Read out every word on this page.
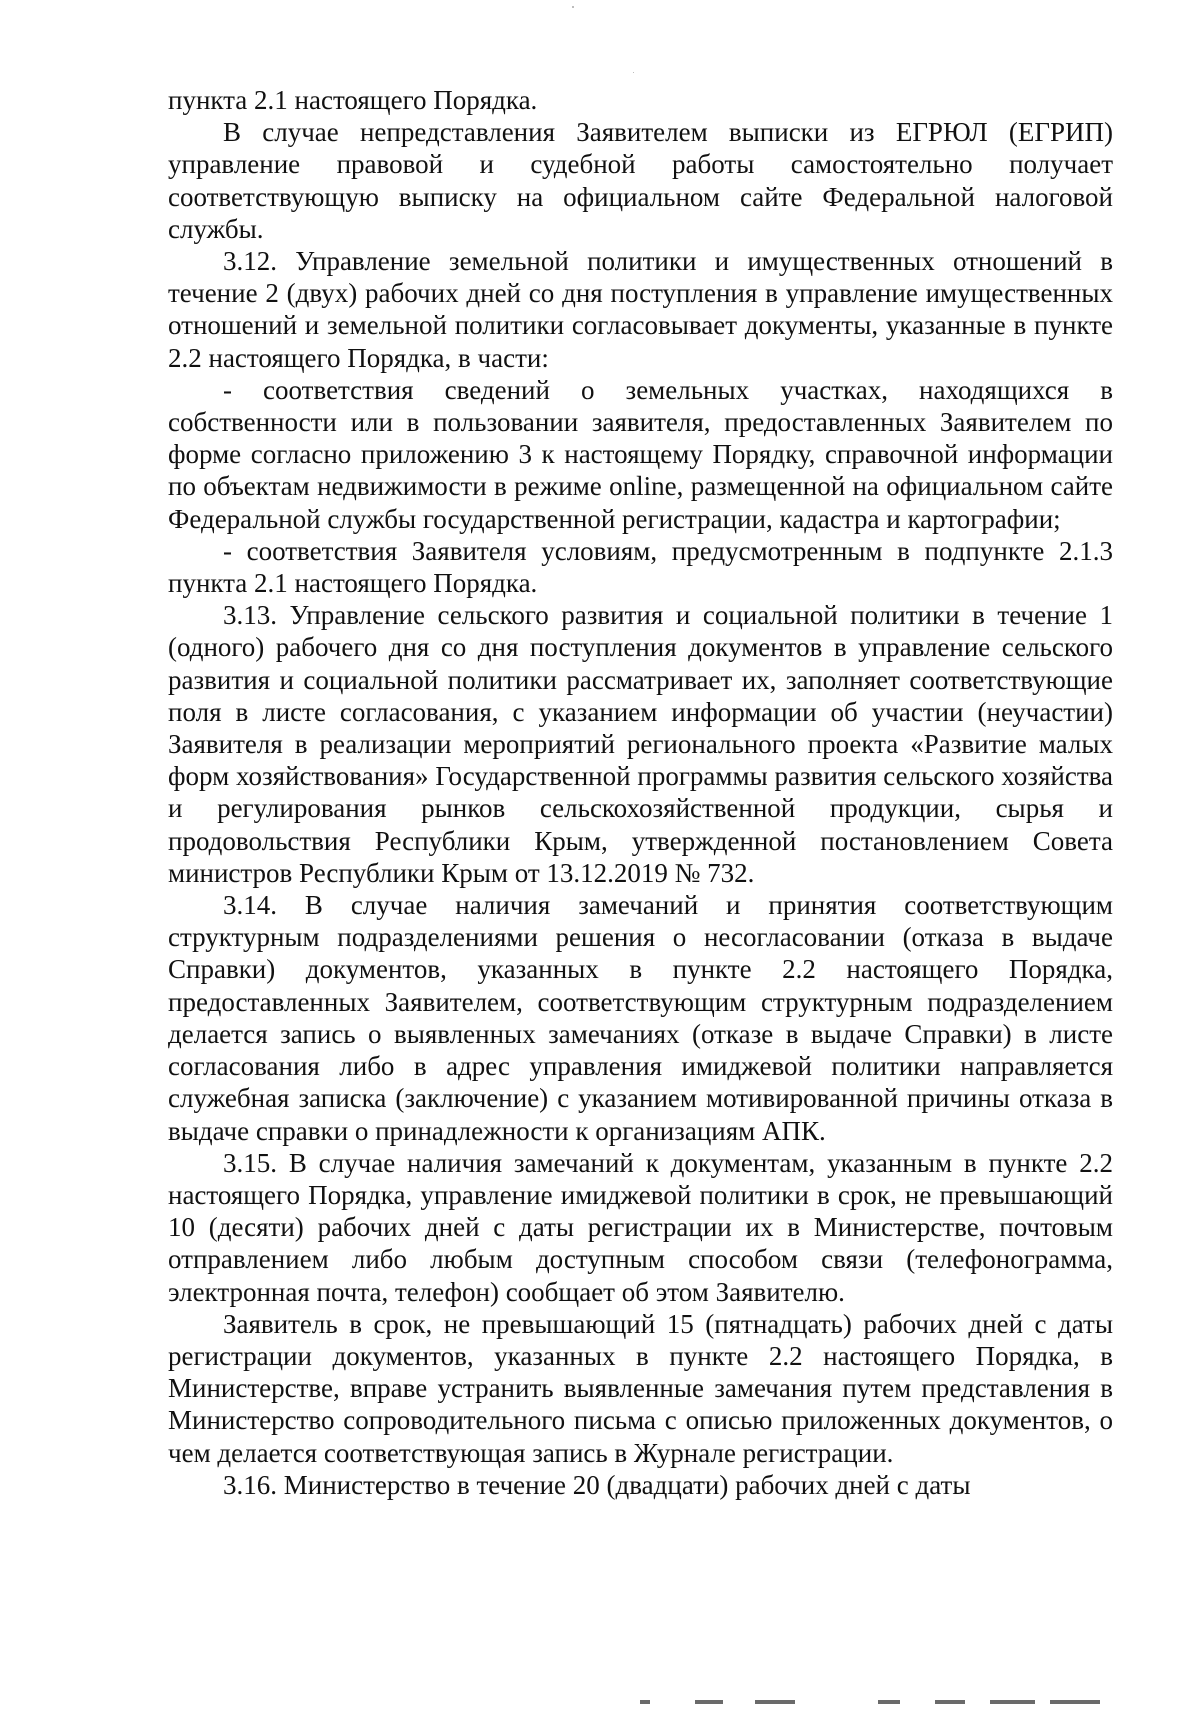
пункта 2.1 настоящего Порядка.

В случае непредставления Заявителем выписки из ЕГРЮЛ (ЕГРИП) управление правовой и судебной работы самостоятельно получает соответствующую выписку на официальном сайте Федеральной налоговой службы.

3.12. Управление земельной политики и имущественных отношений в течение 2 (двух) рабочих дней со дня поступления в управление имущественных отношений и земельной политики согласовывает документы, указанные в пункте 2.2 настоящего Порядка, в части:

- соответствия сведений о земельных участках, находящихся в собственности или в пользовании заявителя, предоставленных Заявителем по форме согласно приложению 3 к настоящему Порядку, справочной информации по объектам недвижимости в режиме online, размещенной на официальном сайте Федеральной службы государственной регистрации, кадастра и картографии;

- соответствия Заявителя условиям, предусмотренным в подпункте 2.1.3 пункта 2.1 настоящего Порядка.

3.13. Управление сельского развития и социальной политики в течение 1 (одного) рабочего дня со дня поступления документов в управление сельского развития и социальной политики рассматривает их, заполняет соответствующие поля в листе согласования, с указанием информации об участии (неучастии) Заявителя в реализации мероприятий регионального проекта «Развитие малых форм хозяйствования» Государственной программы развития сельского хозяйства и регулирования рынков сельскохозяйственной продукции, сырья и продовольствия Республики Крым, утвержденной постановлением Совета министров Республики Крым от 13.12.2019 № 732.

3.14. В случае наличия замечаний и принятия соответствующим структурным подразделениями решения о несогласовании (отказа в выдаче Справки) документов, указанных в пункте 2.2 настоящего Порядка, предоставленных Заявителем, соответствующим структурным подразделением делается запись о выявленных замечаниях (отказе в выдаче Справки) в листе согласования либо в адрес управления имиджевой политики направляется служебная записка (заключение) с указанием мотивированной причины отказа в выдаче справки о принадлежности к организациям АПК.

3.15. В случае наличия замечаний к документам, указанным в пункте 2.2 настоящего Порядка, управление имиджевой политики в срок, не превышающий 10 (десяти) рабочих дней с даты регистрации их в Министерстве, почтовым отправлением либо любым доступным способом связи (телефонограмма, электронная почта, телефон) сообщает об этом Заявителю.

Заявитель в срок, не превышающий 15 (пятнадцать) рабочих дней с даты регистрации документов, указанных в пункте 2.2 настоящего Порядка, в Министерстве, вправе устранить выявленные замечания путем представления в Министерство сопроводительного письма с описью приложенных документов, о чем делается соответствующая запись в Журнале регистрации.

3.16. Министерство в течение 20 (двадцати) рабочих дней с даты
